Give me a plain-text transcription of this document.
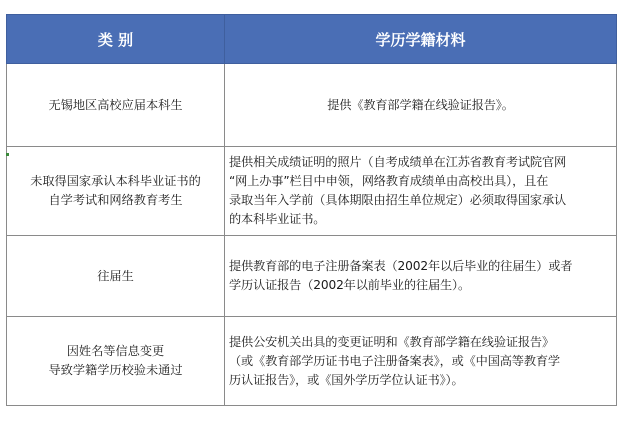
类 别	学历学籍材料

无锡地区高校应届本科生	提供《教育部学籍在线验证报告》。

未取得国家承认本科毕业证书的
自学考试和网络教育考生	提供相关成绩证明的照片（自考成绩单在江苏省教育考试院官网
“网上办事”栏目中申领，网络教育成绩单由高校出具），且在
录取当年入学前（具体期限由招生单位规定）必须取得国家承认
的本科毕业证书。

往届生	提供教育部的电子注册备案表（2002年以后毕业的往届生）或者
学历认证报告（2002年以前毕业的往届生）。

因姓名等信息变更
导致学籍学历校验未通过	提供公安机关出具的变更证明和《教育部学籍在线验证报告》
（或《教育部学历证书电子注册备案表》，或《中国高等教育学
历认证报告》，或《国外学历学位认证书》）。
